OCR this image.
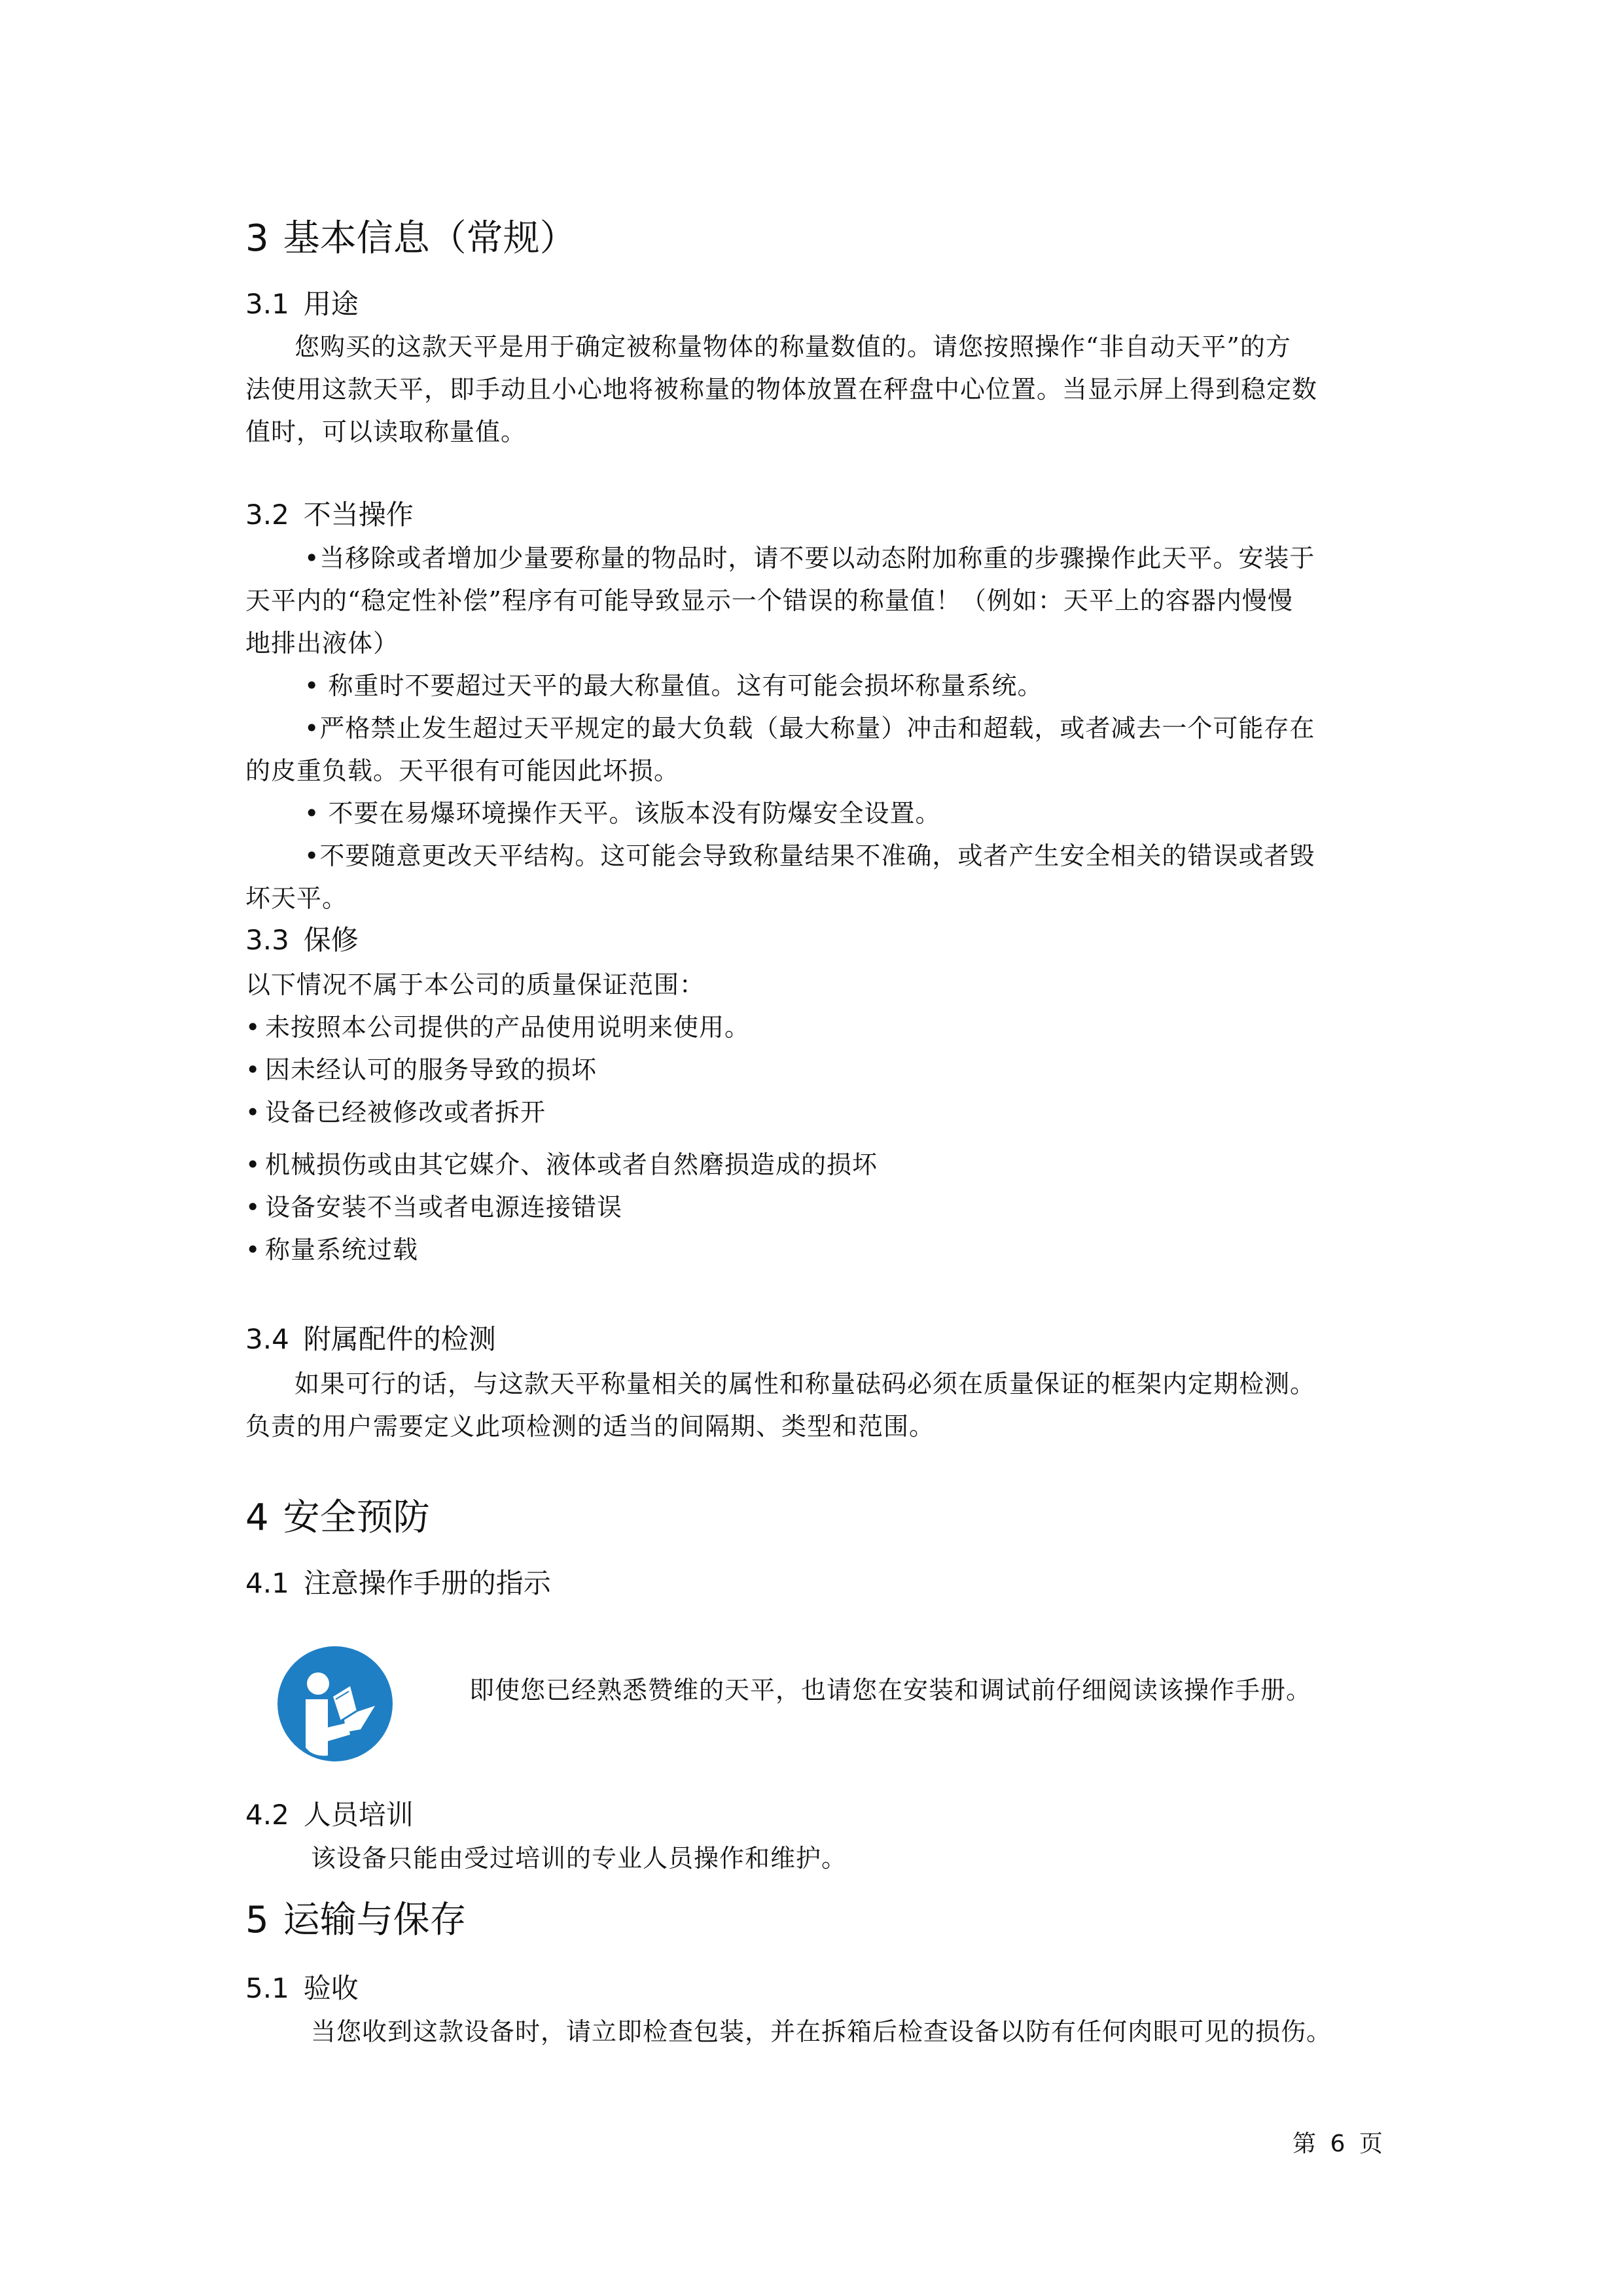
3 基本信息（常规）
3.1 用途
您购买的这款天平是用于确定被称量物体的称量数值的。请您按照操作“非自动天平”的方
法使用这款天平，即手动且小心地将被称量的物体放置在秤盘中心位置。当显示屏上得到稳定数
值时，可以读取称量值。
3.2 不当操作
•当移除或者增加少量要称量的物品时，请不要以动态附加称重的步骤操作此天平。安装于
天平内的“稳定性补偿”程序有可能导致显示一个错误的称量值！（例如：天平上的容器内慢慢
地排出液体）
• 称重时不要超过天平的最大称量值。这有可能会损坏称量系统。
•严格禁止发生超过天平规定的最大负载（最大称量）冲击和超载，或者减去一个可能存在
的皮重负载。天平很有可能因此坏损。
• 不要在易爆环境操作天平。该版本没有防爆安全设置。
•不要随意更改天平结构。这可能会导致称量结果不准确，或者产生安全相关的错误或者毁
坏天平。
3.3 保修
以下情况不属于本公司的质量保证范围：
• 未按照本公司提供的产品使用说明来使用。
• 因未经认可的服务导致的损坏
• 设备已经被修改或者拆开
• 机械损伤或由其它媒介、液体或者自然磨损造成的损坏
• 设备安装不当或者电源连接错误
• 称量系统过载
3.4 附属配件的检测
如果可行的话，与这款天平称量相关的属性和称量砝码必须在质量保证的框架内定期检测。
负责的用户需要定义此项检测的适当的间隔期、类型和范围。
4 安全预防
4.1 注意操作手册的指示
即使您已经熟悉赞维的天平，也请您在安装和调试前仔细阅读该操作手册。
4.2 人员培训
该设备只能由受过培训的专业人员操作和维护。
5 运输与保存
5.1 验收
当您收到这款设备时，请立即检查包装，并在拆箱后检查设备以防有任何肉眼可见的损伤。
第 6 页
